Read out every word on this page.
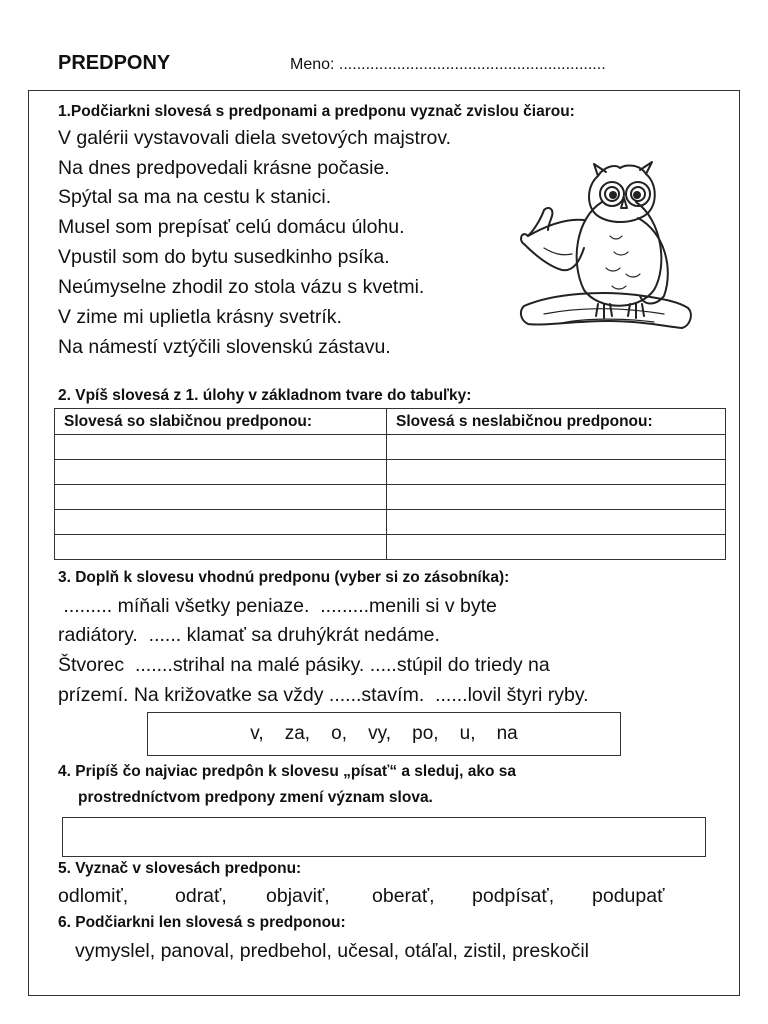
PREDPONY	Meno: ............................................................
1.Podčiarkni slovesá s predponami a predponu vyznač zvislou čiarou:
V galérii vystavovali diela svetových majstrov.
Na dnes predpovedali krásne počasie.
Spýtal sa ma na cestu k stanici.
Musel som prepísať celú domácu úlohu.
Vpustil som do bytu susedkinho psíka.
Neúmyselne zhodil zo stola vázu s kvetmi.
V zime mi uplietla krásny svetrík.
Na námestí vztýčili slovenskú zástavu.
2. Vpíš slovesá z 1. úlohy v základnom tvare do tabuľky:
Slovesá so slabičnou predponou:	Slovesá s neslabičnou predponou:

3. Doplň k slovesu vhodnú predponu (vyber si zo zásobníka):
......... míňali všetky peniaze.  .........menili si v byte
radiátory.  ...... klamať sa druhýkrát nedáme.
Štvorec  .......strihal na malé pásiky. .....stúpil do triedy na
prízemí. Na križovatke sa vždy ......stavím.  ......lovil štyri ryby.
v,    za,    o,    vy,    po,    u,    na
4. Pripíš čo najviac predpôn k slovesu „písať“ a sleduj, ako sa
prostredníctvom predpony zmení význam slova.
5. Vyznač v slovesách predponu:
odlomiť, odrať, objaviť, oberať, podpísať, podupať
6. Podčiarkni len slovesá s predponou:
vymyslel, panoval, predbehol, učesal, otáľal, zistil, preskočil
